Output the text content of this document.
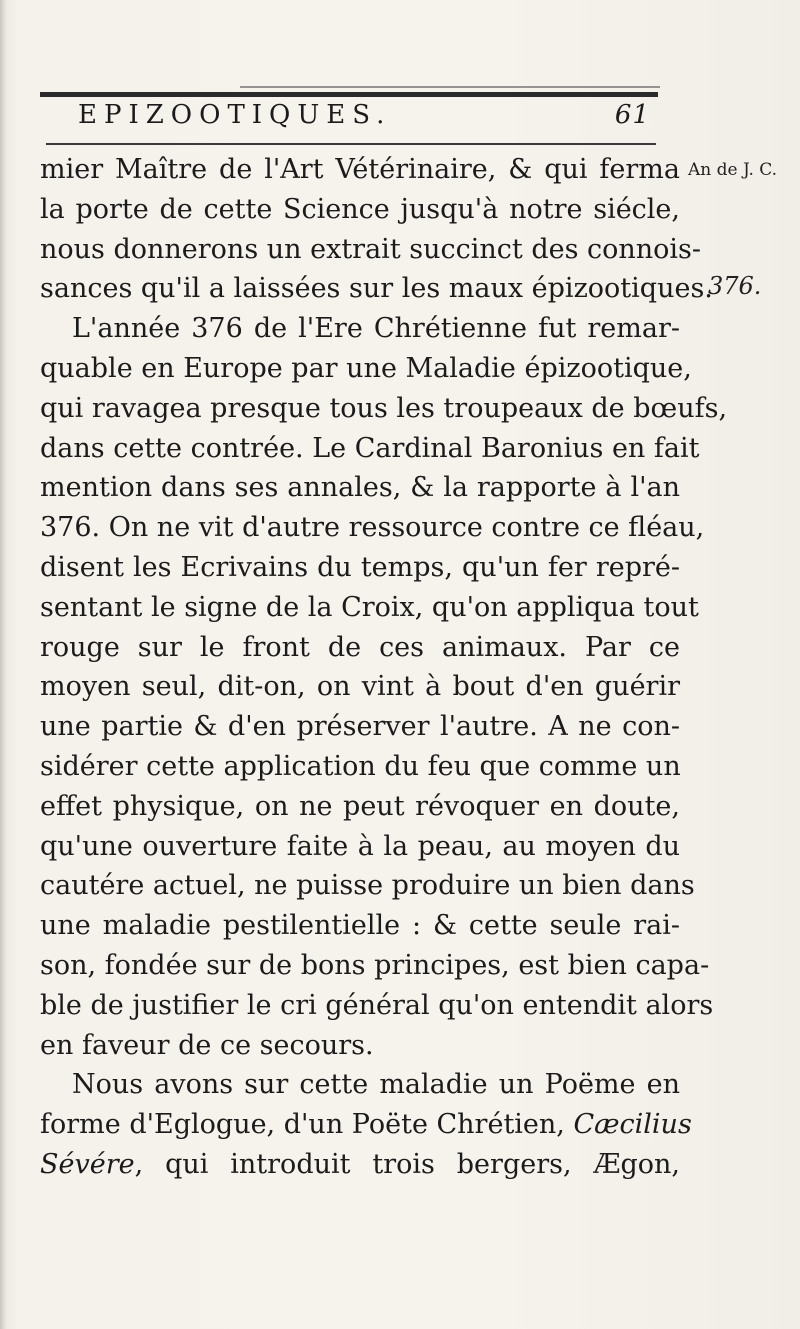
EPIZOOTIQUES.	61
An de J. C.
376.
mier Maître de l'Art Vétérinaire, & qui ferma
la porte de cette Science jusqu'à notre siécle,
nous donnerons un extrait succinct des connois-
sances qu'il a laissées sur les maux épizootiques.
L'année 376 de l'Ere Chrétienne fut remar-
quable en Europe par une Maladie épizootique,
qui ravagea presque tous les troupeaux de bœufs,
dans cette contrée. Le Cardinal Baronius en fait
mention dans ses annales, & la rapporte à l'an
376. On ne vit d'autre ressource contre ce fléau,
disent les Ecrivains du temps, qu'un fer repré-
sentant le signe de la Croix, qu'on appliqua tout
rouge sur le front de ces animaux. Par ce
moyen seul, dit-on, on vint à bout d'en guérir
une partie & d'en préserver l'autre. A ne con-
sidérer cette application du feu que comme un
effet physique, on ne peut révoquer en doute,
qu'une ouverture faite à la peau, au moyen du
cautére actuel, ne puisse produire un bien dans
une maladie pestilentielle : & cette seule rai-
son, fondée sur de bons principes, est bien capa-
ble de justifier le cri général qu'on entendit alors
en faveur de ce secours.
Nous avons sur cette maladie un Poëme en
forme d'Eglogue, d'un Poëte Chrétien, Cæcilius
Sévére, qui introduit trois bergers, Ægon,
